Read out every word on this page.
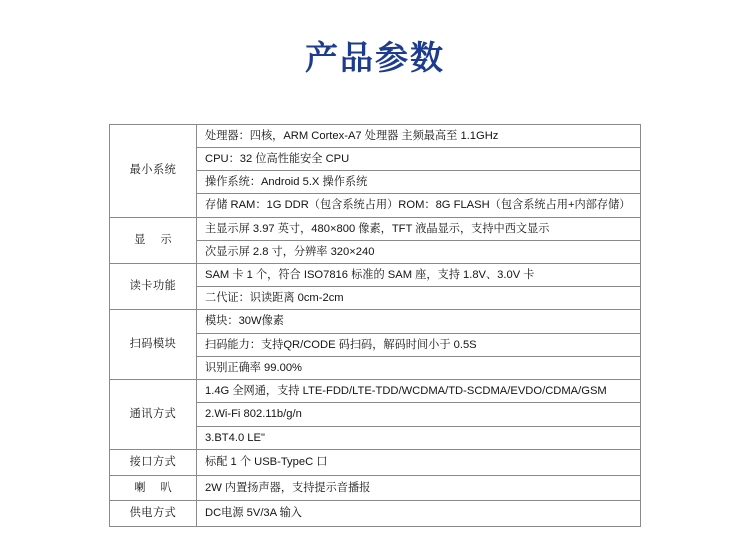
产品参数
最小系统	处理器：四核，ARM Cortex-A7 处理器 主频最高至 1.1GHz
CPU：32 位高性能安全 CPU
操作系统：Android 5.X 操作系统
存储 RAM：1G DDR（包含系统占用）ROM：8G FLASH（包含系统占用+内部存储）

显 示	主显示屏 3.97 英寸，480×800 像素，TFT 液晶显示，支持中西文显示
次显示屏 2.8 寸，分辨率 320×240

读卡功能	SAM 卡 1 个，符合 ISO7816 标准的 SAM 座，支持 1.8V、3.0V 卡
二代证：识读距离 0cm-2cm

扫码模块	模块：30W像素
扫码能力：支持QR/CODE 码扫码，解码时间小于 0.5S
识别正确率 99.00%

通讯方式	1.4G 全网通，支持 LTE-FDD/LTE-TDD/WCDMA/TD-SCDMA/EVDO/CDMA/GSM
2.Wi-Fi 802.11b/g/n
3.BT4.0 LE"

接口方式	标配 1 个 USB-TypeC 口

喇 叭	2W 内置扬声器，支持提示音播报

供电方式	DC电源 5V/3A 输入
